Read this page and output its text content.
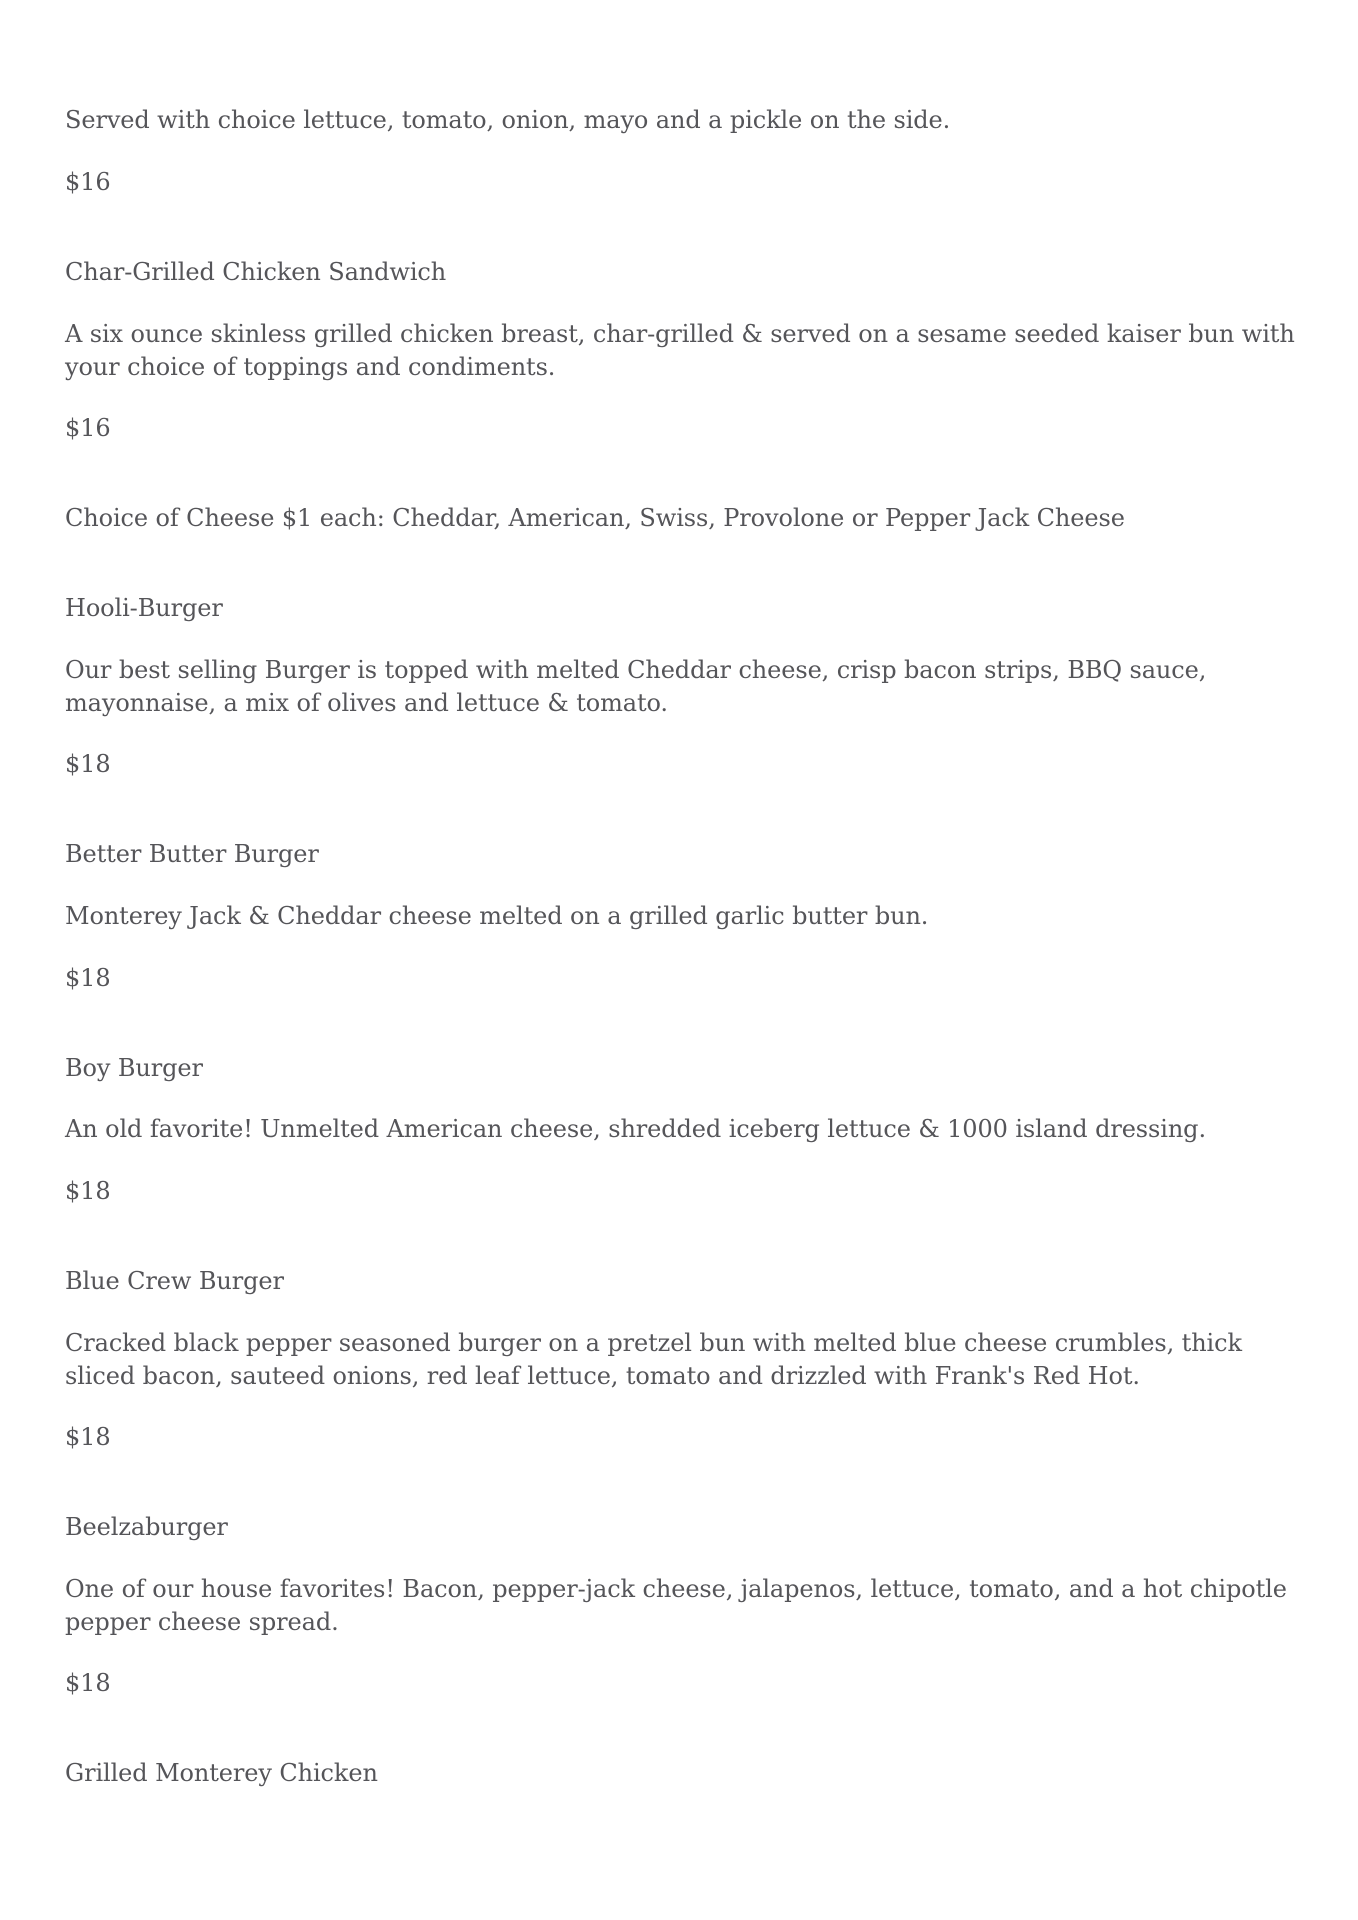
Served with choice lettuce, tomato, onion, mayo and a pickle on the side.

$16

Char-Grilled Chicken Sandwich

A six ounce skinless grilled chicken breast, char-grilled & served on a sesame seeded kaiser bun with your choice of toppings and condiments.

$16

Choice of Cheese $1 each: Cheddar, American, Swiss, Provolone or Pepper Jack Cheese

Hooli-Burger

Our best selling Burger is topped with melted Cheddar cheese, crisp bacon strips, BBQ sauce, mayonnaise, a mix of olives and lettuce & tomato.

$18

Better Butter Burger

Monterey Jack & Cheddar cheese melted on a grilled garlic butter bun.

$18

Boy Burger

An old favorite! Unmelted American cheese, shredded iceberg lettuce & 1000 island dressing.

$18

Blue Crew Burger

Cracked black pepper seasoned burger on a pretzel bun with melted blue cheese crumbles, thick sliced bacon, sauteed onions, red leaf lettuce, tomato and drizzled with Frank's Red Hot.

$18

Beelzaburger

One of our house favorites! Bacon, pepper-jack cheese, jalapenos, lettuce, tomato, and a hot chipotle pepper cheese spread.

$18

Grilled Monterey Chicken
